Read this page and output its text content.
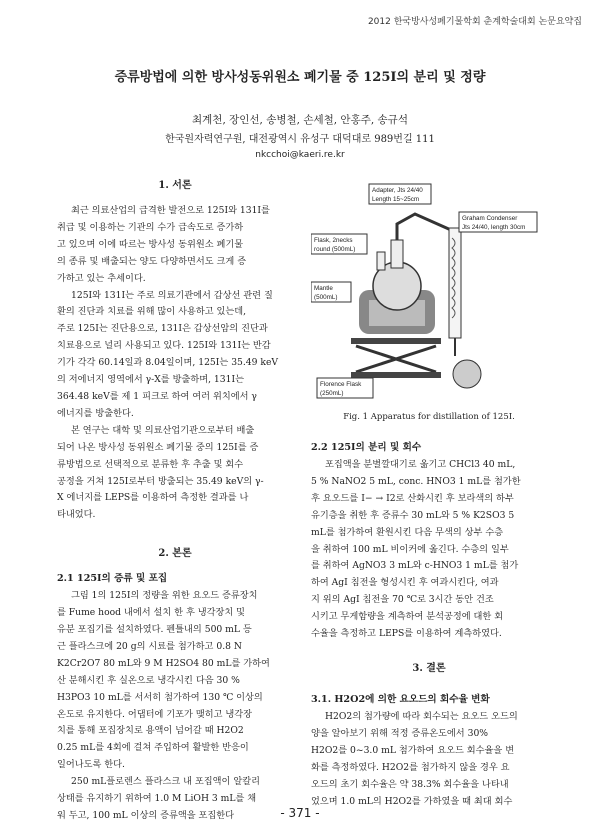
2012 한국방사성폐기물학회 춘계학술대회 논문요약집
증류방법에 의한 방사성동위원소 폐기물 중 125I의 분리 및 정량
최계천, 장인선, 송병철, 손세철, 안홍주, 송규석
한국원자력연구원, 대전광역시 유성구 대덕대로 989번길 111
nkcchoi@kaeri.re.kr

1. 서론

최근 의료산업의 급격한 발전으로 125I와 131I를
취급 및 이용하는 기관의 수가 급속도로 증가하
고 있으며 이에 따르는 방사성 동위원소 폐기물
의 종류 및 배출되는 양도 다양하면서도 크게 증
가하고 있는 추세이다.
125I와 131I는 주로 의료기관에서 갑상선 관련 질
환의 진단과 치료를 위해 많이 사용하고 있는데,
주로 125I는 진단용으로, 131I은 갑상선암의 진단과
치료용으로 널리 사용되고 있다. 125I와 131I는 반감
기가 각각 60.14일과 8.04일이며, 125I는 35.49 keV
의 저에너지 영역에서 γ-X를 방출하며, 131I는
364.48 keV를 제 1 피크로 하여 여러 위치에서 γ
에너지를 방출한다.
본 연구는 대학 및 의료산업기관으로부터 배출
되어 나온 방사성 동위원소 폐기물 중의 125I를 증
류방법으로 선택적으로 분류한 후 추출 및 회수
공정을 거쳐 125I로부터 방출되는 35.49 keV의 γ-
X 에너지를 LEPS를 이용하여 측정한 결과를 나
타내었다.

2. 본론

2.1 125I의 증류 및 포집

그림 1의 125I의 정량을 위한 요오드 증류장치
를 Fume hood 내에서 설치 한 후 냉각장치 및
유분 포집기를 설치하였다. 펜틀내의 500 mL 등
근 플라스크에 20 g의 시료를 첨가하고 0.8 N
K2Cr2O7 80 mL와 9 M H2SO4 80 mL를 가하여
산 분해시킨 후 실온으로 냉각시킨 다음 30 %
H3PO3 10 mL를 서서히 첨가하여 130 ℃ 이상의
온도로 유지한다. 어댑터에 기포가 맺히고 냉각장
치를 통해 포집장치로 용액이 넘어갈 때 H2O2
0.25 mL를 4회에 걸쳐 주입하여 활발한 반응이
일어나도록 한다.
250 mL플로렌스 플라스크 내 포집액이 알칼리
상태를 유지하기 위하여 1.0 M LiOH 3 mL를 채
워 두고, 100 mL 이상의 증류액을 포집한다
Adapter, Jts 24/40
Length 15~25cm
Graham Condenser
Jts 24/40, length 30cm
Flask, 2necks
round (500mL)
Mantle
(500mL)
Florence Flask
(250mL)
Fig. 1 Apparatus for distillation of 125I.

2.2 125I의 분리 및 회수

포집액을 분별깔대기로 옮기고 CHCl3 40 mL,
5 % NaNO2 5 mL, conc. HNO3 1 mL를 첨가한
후 요오드를 I− → I2로 산화시킨 후 보라색의 하부
유기층을 취한 후 증류수 30 mL와 5 % K2SO3 5
mL를 첨가하여 환원시킨 다음 무색의 상부 수층
을 취하여 100 mL 비이커에 옮긴다. 수층의 일부
를 취하여 AgNO3 3 mL와 c-HNO3 1 mL를 첨가
하여 AgI 침전을 형성시킨 후 여과시킨다, 여과
지 위의 AgI 침전을 70 ℃로 3시간 동안 건조
시키고 무게함량을 계측하여 분석공정에 대한 회
수율을 측정하고 LEPS를 이용하여 계측하였다.

3. 결론

3.1. H2O2에 의한 요오드의 회수율 변화

H2O2의 첨가량에 따라 회수되는 요오드 오드의
양을 알아보기 위해 적정 증류온도에서 30%
H2O2를 0~3.0 mL 첨가하여 요오드 회수율을 변
화를 측정하였다. H2O2를 첨가하지 않을 경우 요
오드의 초기 회수율은 약 38.3% 회수율을 나타내
었으며 1.0 mL의 H2O2를 가하였을 때 최대 회수
- 371 -
